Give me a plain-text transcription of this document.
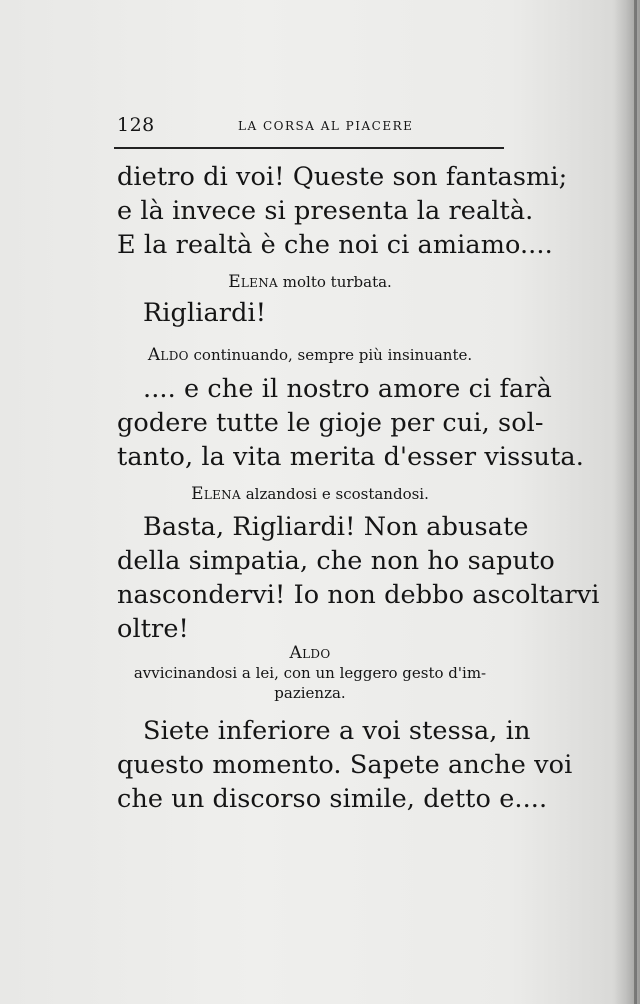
128	LA CORSA AL PIACERE
dietro di voi! Queste son fantasmi;
e là invece si presenta la realtà.
E la realtà è che noi ci amiamo....
Elena molto turbata.
Rigliardi!
Aldo continuando, sempre più insinuante.
.... e che il nostro amore ci farà
godere tutte le gioje per cui, sol-
tanto, la vita merita d'esser vissuta.
Elena alzandosi e scostandosi.
Basta, Rigliardi! Non abusate
della simpatia, che non ho saputo
nascondervi! Io non debbo ascoltarvi
oltre!
Aldo
avvicinandosi a lei, con un leggero gesto d'im-
pazienza.
Siete inferiore a voi stessa, in
questo momento. Sapete anche voi
che un discorso simile, detto e....
